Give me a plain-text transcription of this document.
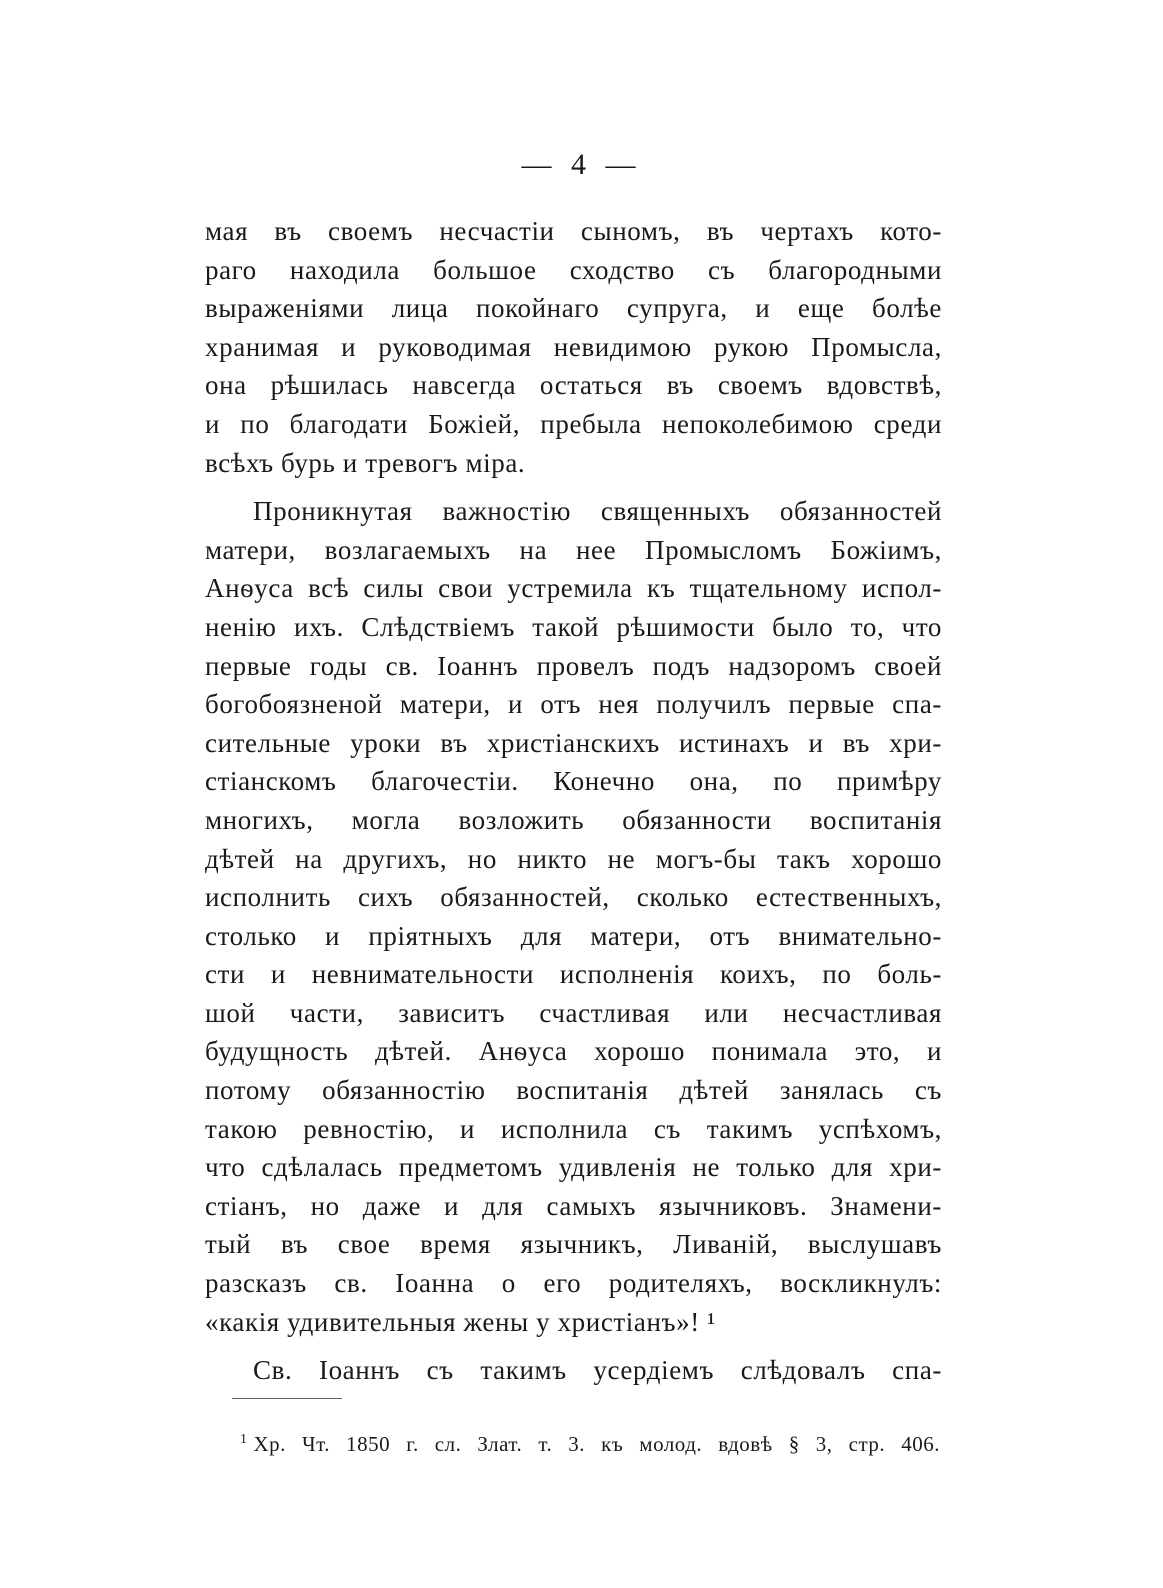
— 4 —
мая въ своемъ несчастіи сыномъ, въ чертахъ кото-
раго находила большое сходство съ благородными
выраженіями лица покойнаго супруга, и еще болѣе
хранимая и руководимая невидимою рукою Промысла,
она рѣшилась навсегда остаться въ своемъ вдовствѣ,
и по благодати Божіей, пребыла непоколебимою среди
всѣхъ бурь и тревогъ міра.
Проникнутая важностію священныхъ обязанностей
матери, возлагаемыхъ на нее Промысломъ Божіимъ,
Анѳуса всѣ силы свои устремила къ тщательному испол-
ненію ихъ. Слѣдствіемъ такой рѣшимости было то, что
первые годы св. Іоаннъ провелъ подъ надзоромъ своей
богобоязненой матери, и отъ нея получилъ первые спа-
сительные уроки въ христіанскихъ истинахъ и въ хри-
стіанскомъ благочестіи. Конечно она, по примѣру
многихъ, могла возложить обязанности воспитанія
дѣтей на другихъ, но никто не могъ-бы такъ хорошо
исполнить сихъ обязанностей, сколько естественныхъ,
столько и пріятныхъ для матери, отъ внимательно-
сти и невнимательности исполненія коихъ, по боль-
шой части, зависитъ счастливая или несчастливая
будущность дѣтей. Анѳуса хорошо понимала это, и
потому обязанностію воспитанія дѣтей занялась съ
такою ревностію, и исполнила съ такимъ успѣхомъ,
что сдѣлалась предметомъ удивленія не только для хри-
стіанъ, но даже и для самыхъ язычниковъ. Знамени-
тый въ свое время язычникъ, Ливаній, выслушавъ
разсказъ св. Іоанна о его родителяхъ, воскликнулъ:
«какія удивительныя жены у христіанъ»! ¹
Св. Іоаннъ съ такимъ усердіемъ слѣдовалъ спа-
$^1$ Хр. Чт. 1850 г. сл. Злат. т. 3. къ молод. вдовѣ § 3, стр. 406.
